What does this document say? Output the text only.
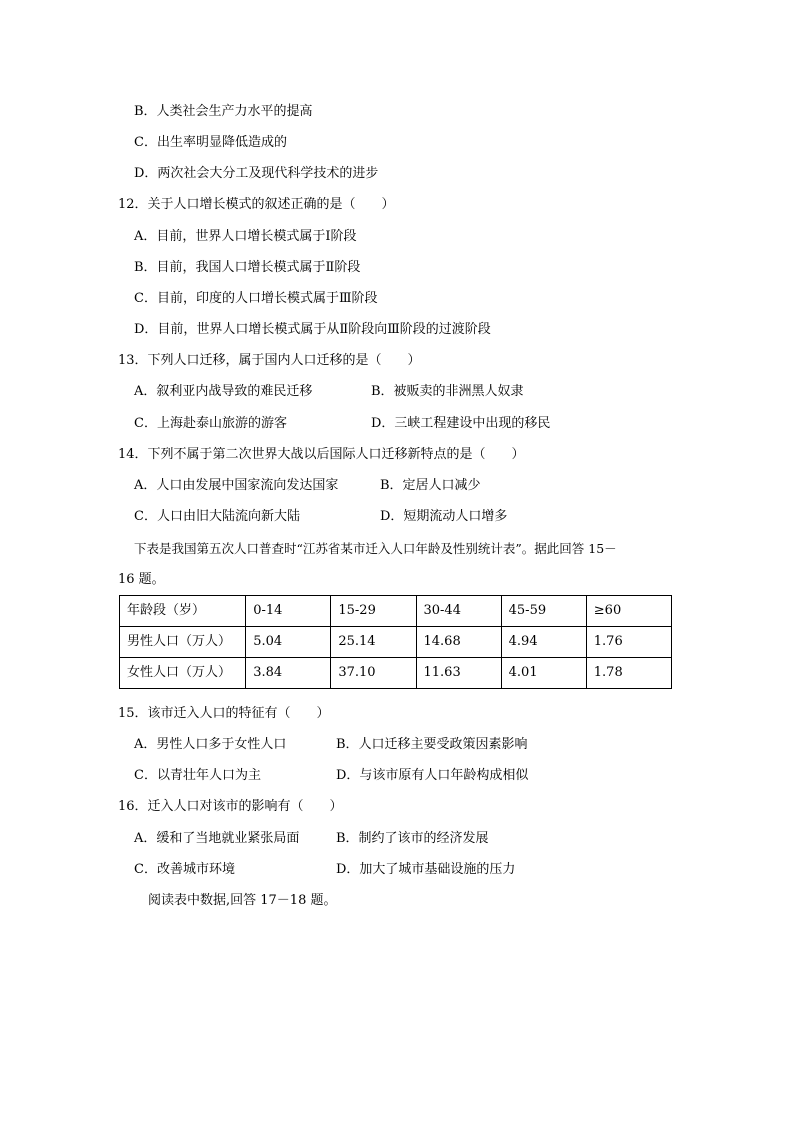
B．人类社会生产力水平的提高
C．出生率明显降低造成的
D．两次社会大分工及现代科学技术的进步
12．关于人口增长模式的叙述正确的是（　　）
A．目前，世界人口增长模式属于Ⅰ阶段
B．目前，我国人口增长模式属于Ⅱ阶段
C．目前，印度的人口增长模式属于Ⅲ阶段
D．目前，世界人口增长模式属于从Ⅱ阶段向Ⅲ阶段的过渡阶段
13．下列人口迁移，属于国内人口迁移的是（　　）
A．叙利亚内战导致的难民迁移	B．被贩卖的非洲黑人奴隶
C．上海赴泰山旅游的游客	D．三峡工程建设中出现的移民
14．下列不属于第二次世界大战以后国际人口迁移新特点的是（　　）
A．人口由发展中国家流向发达国家	B．定居人口减少
C．人口由旧大陆流向新大陆	D．短期流动人口增多
下表是我国第五次人口普查时“江苏省某市迁入人口年龄及性别统计表”。据此回答 15－
16 题。
年龄段（岁）	0-14	15-29	30-44	45-59	≥60
男性人口（万人）	5.04	25.14	14.68	4.94	1.76
女性人口（万人）	3.84	37.10	11.63	4.01	1.78
15．该市迁入人口的特征有（　　）
A．男性人口多于女性人口	B．人口迁移主要受政策因素影响
C．以青壮年人口为主	D．与该市原有人口年龄构成相似
16．迁入人口对该市的影响有（　　）
A．缓和了当地就业紧张局面	B．制约了该市的经济发展
C．改善城市环境	D．加大了城市基础设施的压力
阅读表中数据,回答 17－18 题。
